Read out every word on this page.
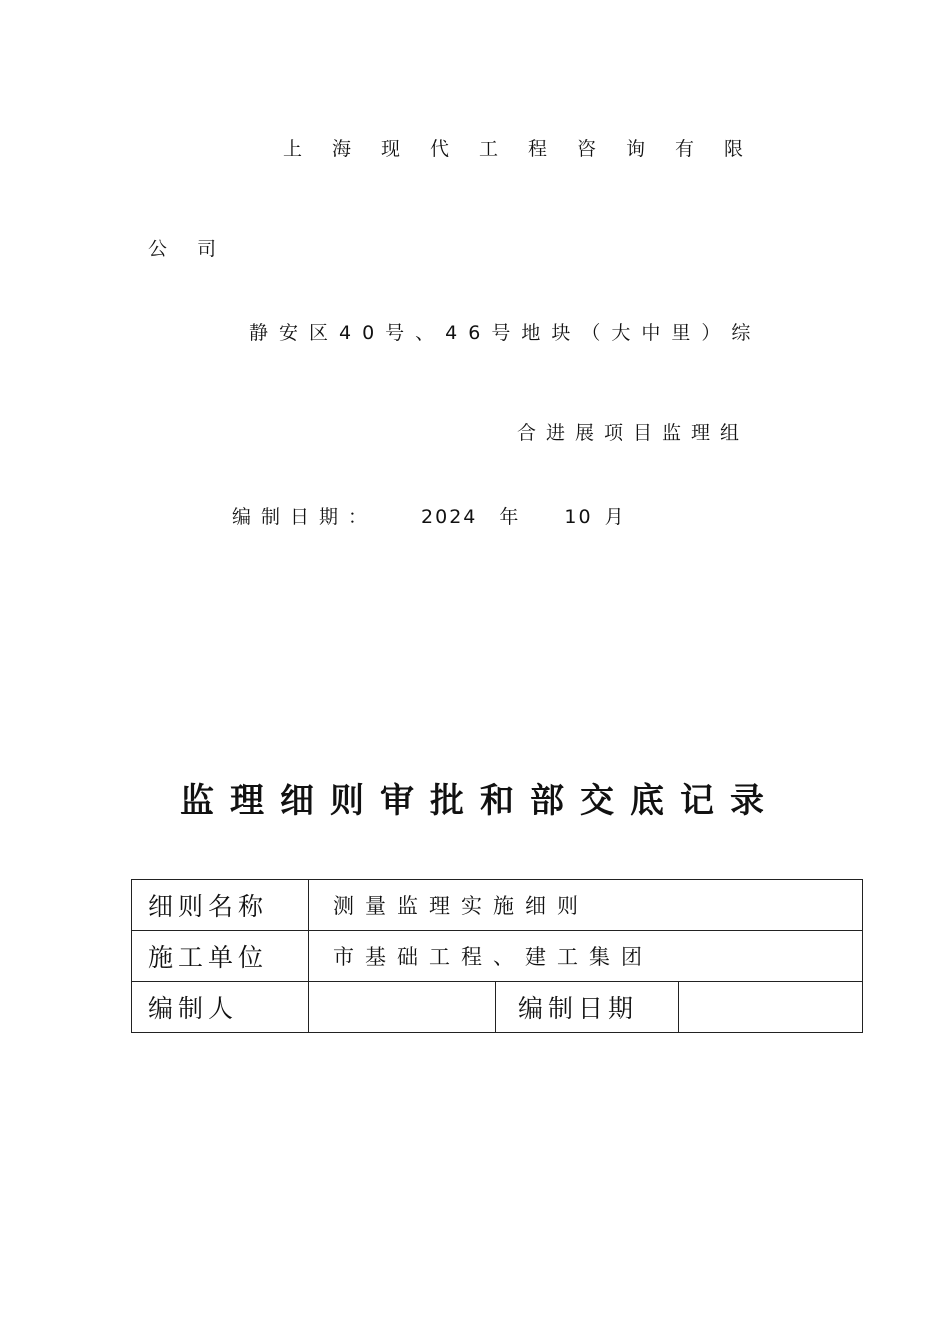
上海现代工程咨询有限
公司
静安区40号、46号地块（大中里）综
合进展项目监理组
编制日期： 2024 年 10 月
监理细则审批和部交底记录
细则名称	测量监理实施细则		
施工单位	市基础工程、建工集团		
编制人		编制日期	
